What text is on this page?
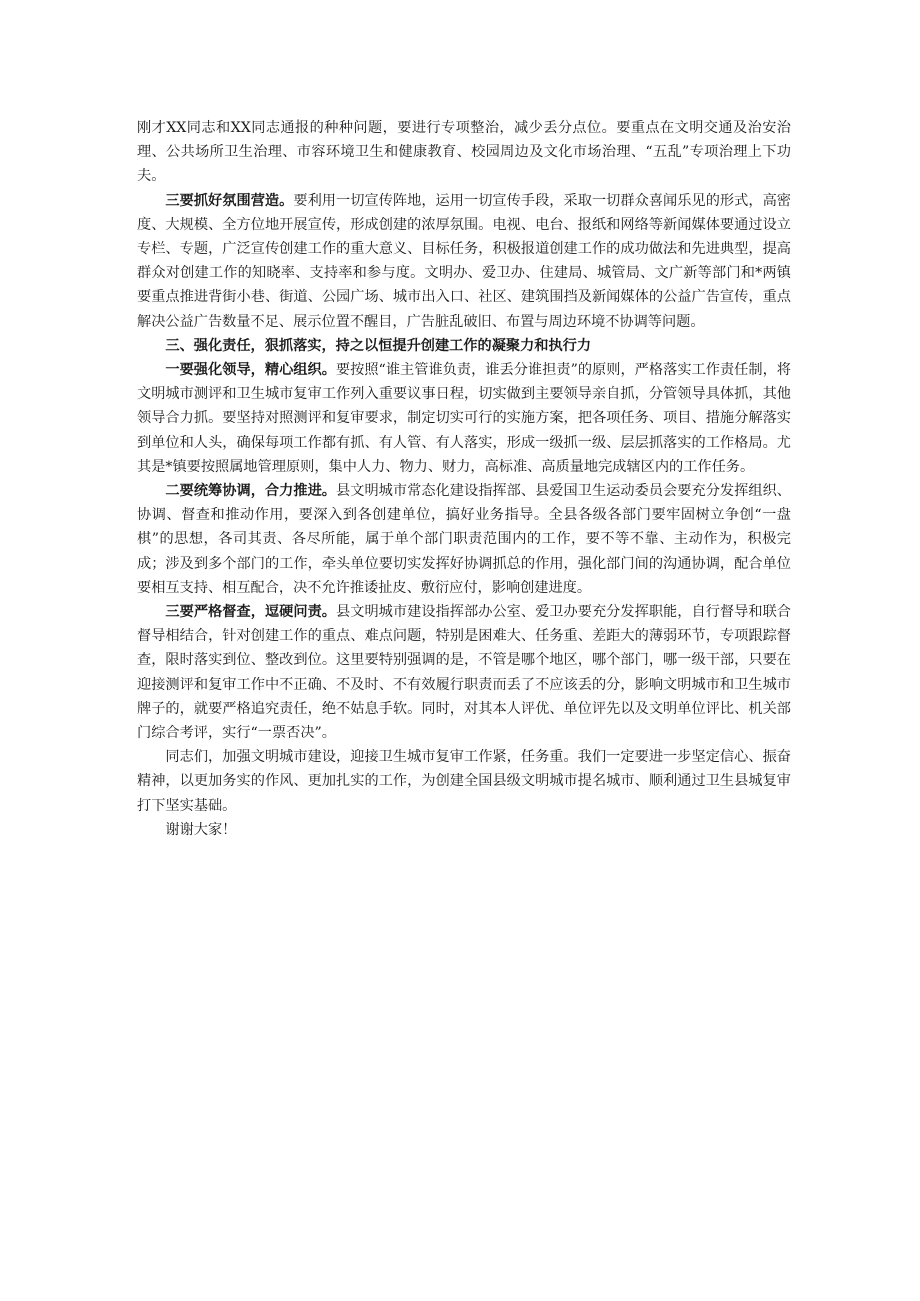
刚才XX同志和XX同志通报的种种问题，要进行专项整治，减少丢分点位。要重点在文明交通及治安治理、公共场所卫生治理、市容环境卫生和健康教育、校园周边及文化市场治理、“五乱”专项治理上下功夫。

三要抓好氛围营造。要利用一切宣传阵地，运用一切宣传手段，采取一切群众喜闻乐见的形式，高密度、大规模、全方位地开展宣传，形成创建的浓厚氛围。电视、电台、报纸和网络等新闻媒体要通过设立专栏、专题，广泛宣传创建工作的重大意义、目标任务，积极报道创建工作的成功做法和先进典型，提高群众对创建工作的知晓率、支持率和参与度。文明办、爱卫办、住建局、城管局、文广新等部门和*两镇要重点推进背街小巷、街道、公园广场、城市出入口、社区、建筑围挡及新闻媒体的公益广告宣传，重点解决公益广告数量不足、展示位置不醒目，广告脏乱破旧、布置与周边环境不协调等问题。

三、强化责任，狠抓落实，持之以恒提升创建工作的凝聚力和执行力

一要强化领导，精心组织。要按照“谁主管谁负责，谁丢分谁担责”的原则，严格落实工作责任制，将文明城市测评和卫生城市复审工作列入重要议事日程，切实做到主要领导亲自抓，分管领导具体抓，其他领导合力抓。要坚持对照测评和复审要求，制定切实可行的实施方案，把各项任务、项目、措施分解落实到单位和人头，确保每项工作都有抓、有人管、有人落实，形成一级抓一级、层层抓落实的工作格局。尤其是*镇要按照属地管理原则，集中人力、物力、财力，高标准、高质量地完成辖区内的工作任务。

二要统筹协调，合力推进。县文明城市常态化建设指挥部、县爱国卫生运动委员会要充分发挥组织、协调、督查和推动作用，要深入到各创建单位，搞好业务指导。全县各级各部门要牢固树立争创“一盘棋”的思想，各司其责、各尽所能，属于单个部门职责范围内的工作，要不等不靠、主动作为，积极完成；涉及到多个部门的工作，牵头单位要切实发挥好协调抓总的作用，强化部门间的沟通协调，配合单位要相互支持、相互配合，决不允许推诿扯皮、敷衍应付，影响创建进度。

三要严格督查，逗硬问责。县文明城市建设指挥部办公室、爱卫办要充分发挥职能，自行督导和联合督导相结合，针对创建工作的重点、难点问题，特别是困难大、任务重、差距大的薄弱环节，专项跟踪督查，限时落实到位、整改到位。这里要特别强调的是，不管是哪个地区，哪个部门，哪一级干部，只要在迎接测评和复审工作中不正确、不及时、不有效履行职责而丢了不应该丢的分，影响文明城市和卫生城市牌子的，就要严格追究责任，绝不姑息手软。同时，对其本人评优、单位评先以及文明单位评比、机关部门综合考评，实行“一票否决”。

同志们，加强文明城市建设，迎接卫生城市复审工作紧，任务重。我们一定要进一步坚定信心、振奋精神，以更加务实的作风、更加扎实的工作，为创建全国县级文明城市提名城市、顺利通过卫生县城复审打下坚实基础。

谢谢大家！
